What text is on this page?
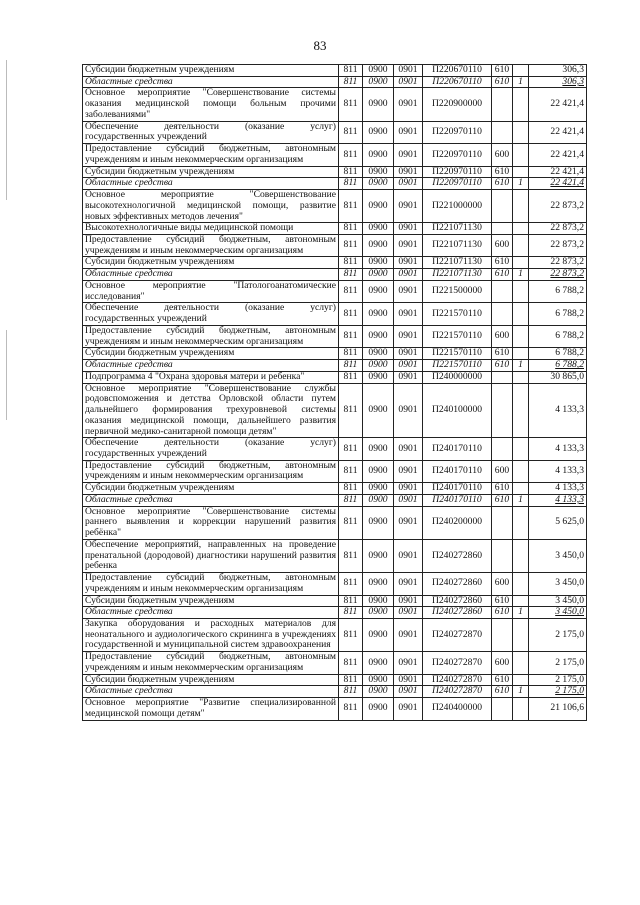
83
Субсидии бюджетным учреждениям	811	0900	0901	П220670110	610		306,3
Областные средства	811	0900	0901	П220670110	610	1	306,3
Основное мероприятие "Совершенствование системы оказания медицинской помощи больным прочими заболеваниями"	811	0900	0901	П220900000			22 421,4
Обеспечение деятельности (оказание услуг) государственных учреждений	811	0900	0901	П220970110			22 421,4
Предоставление субсидий бюджетным, автономным учреждениям и иным некоммерческим организациям	811	0900	0901	П220970110	600		22 421,4
Субсидии бюджетным учреждениям	811	0900	0901	П220970110	610		22 421,4
Областные средства	811	0900	0901	П220970110	610	1	22 421,4
Основное мероприятие "Совершенствование высокотехнологичной медицинской помощи, развитие новых эффективных методов лечения"	811	0900	0901	П221000000			22 873,2
Высокотехнологичные виды медицинской помощи	811	0900	0901	П221071130			22 873,2
Предоставление субсидий бюджетным, автономным учреждениям и иным некоммерческим организациям	811	0900	0901	П221071130	600		22 873,2
Субсидии бюджетным учреждениям	811	0900	0901	П221071130	610		22 873,2
Областные средства	811	0900	0901	П221071130	610	1	22 873,2
Основное мероприятие "Патологоанатомические исследования"	811	0900	0901	П221500000			6 788,2
Обеспечение деятельности (оказание услуг) государственных учреждений	811	0900	0901	П221570110			6 788,2
Предоставление субсидий бюджетным, автономным учреждениям и иным некоммерческим организациям	811	0900	0901	П221570110	600		6 788,2
Субсидии бюджетным учреждениям	811	0900	0901	П221570110	610		6 788,2
Областные средства	811	0900	0901	П221570110	610	1	6 788,2
Подпрограмма 4 "Охрана здоровья матери и ребенка"	811	0900	0901	П240000000			30 865,0
Основное мероприятие "Совершенствование службы родовспоможения и детства Орловской области путем дальнейшего формирования трехуровневой системы оказания медицинской помощи, дальнейшего развития первичной медико-санитарной помощи детям"	811	0900	0901	П240100000			4 133,3
Обеспечение деятельности (оказание услуг) государственных учреждений	811	0900	0901	П240170110			4 133,3
Предоставление субсидий бюджетным, автономным учреждениям и иным некоммерческим организациям	811	0900	0901	П240170110	600		4 133,3
Субсидии бюджетным учреждениям	811	0900	0901	П240170110	610		4 133,3
Областные средства	811	0900	0901	П240170110	610	1	4 133,3
Основное мероприятие "Совершенствование системы раннего выявления и коррекции нарушений развития ребёнка"	811	0900	0901	П240200000			5 625,0
Обеспечение мероприятий, направленных на проведение пренатальной (дородовой) диагностики нарушений развития ребенка	811	0900	0901	П240272860			3 450,0
Предоставление субсидий бюджетным, автономным учреждениям и иным некоммерческим организациям	811	0900	0901	П240272860	600		3 450,0
Субсидии бюджетным учреждениям	811	0900	0901	П240272860	610		3 450,0
Областные средства	811	0900	0901	П240272860	610	1	3 450,0
Закупка оборудования и расходных материалов для неонатального и аудиологического скрининга в учреждениях государственной и муниципальной систем здравоохранения	811	0900	0901	П240272870			2 175,0
Предоставление субсидий бюджетным, автономным учреждениям и иным некоммерческим организациям	811	0900	0901	П240272870	600		2 175,0
Субсидии бюджетным учреждениям	811	0900	0901	П240272870	610		2 175,0
Областные средства	811	0900	0901	П240272870	610	1	2 175,0
Основное мероприятие "Развитие специализированной медицинской помощи детям"	811	0900	0901	П240400000			21 106,6
